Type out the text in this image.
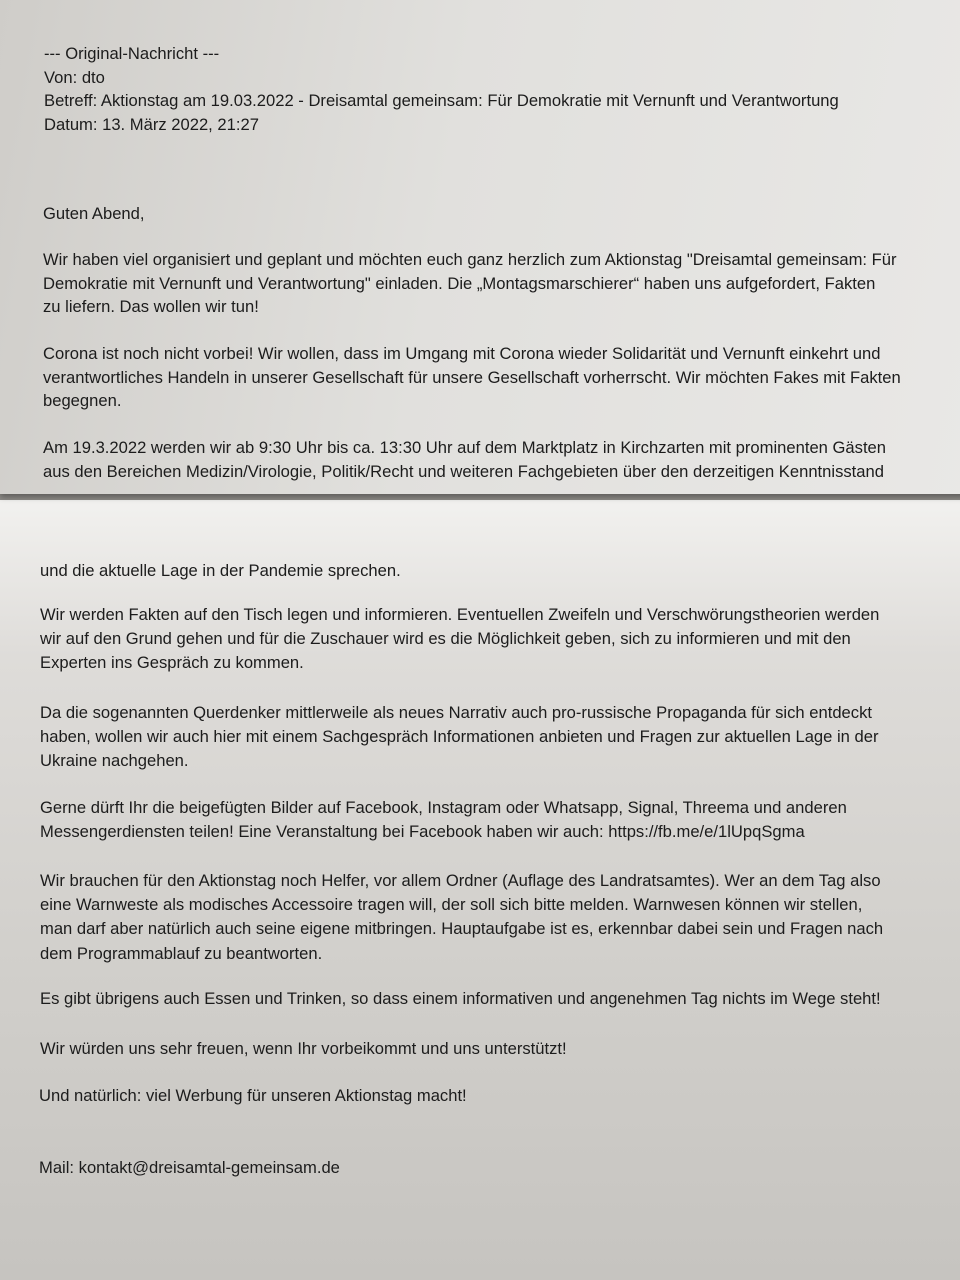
--- Original-Nachricht ---
Von: dto
Betreff: Aktionstag am 19.03.2022 - Dreisamtal gemeinsam: Für Demokratie mit Vernunft und Verantwortung
Datum: 13. März 2022, 21:27
Guten Abend,
Wir haben viel organisiert und geplant und möchten euch ganz herzlich zum Aktionstag "Dreisamtal gemeinsam: Für
Demokratie mit Vernunft und Verantwortung" einladen. Die „Montagsmarschierer“ haben uns aufgefordert, Fakten
zu liefern. Das wollen wir tun!
Corona ist noch nicht vorbei! Wir wollen, dass im Umgang mit Corona wieder Solidarität und Vernunft einkehrt und
verantwortliches Handeln in unserer Gesellschaft für unsere Gesellschaft vorherrscht. Wir möchten Fakes mit Fakten
begegnen.
Am 19.3.2022 werden wir ab 9:30 Uhr bis ca. 13:30 Uhr auf dem Marktplatz in Kirchzarten mit prominenten Gästen
aus den Bereichen Medizin/Virologie, Politik/Recht und weiteren Fachgebieten über den derzeitigen Kenntnisstand
und die aktuelle Lage in der Pandemie sprechen.
Wir werden Fakten auf den Tisch legen und informieren. Eventuellen Zweifeln und Verschwörungstheorien werden
wir auf den Grund gehen und für die Zuschauer wird es die Möglichkeit geben, sich zu informieren und mit den
Experten ins Gespräch zu kommen.
Da die sogenannten Querdenker mittlerweile als neues Narrativ auch pro-russische Propaganda für sich entdeckt
haben, wollen wir auch hier mit einem Sachgespräch Informationen anbieten und Fragen zur aktuellen Lage in der
Ukraine nachgehen.
Gerne dürft Ihr die beigefügten Bilder auf Facebook, Instagram oder Whatsapp, Signal, Threema und anderen
Messengerdiensten teilen! Eine Veranstaltung bei Facebook haben wir auch: https://fb.me/e/1lUpqSgma
Wir brauchen für den Aktionstag noch Helfer, vor allem Ordner (Auflage des Landratsamtes). Wer an dem Tag also
eine Warnweste als modisches Accessoire tragen will, der soll sich bitte melden. Warnwesen können wir stellen,
man darf aber natürlich auch seine eigene mitbringen. Hauptaufgabe ist es, erkennbar dabei sein und Fragen nach
dem Programmablauf zu beantworten.
Es gibt übrigens auch Essen und Trinken, so dass einem informativen und angenehmen Tag nichts im Wege steht!
Wir würden uns sehr freuen, wenn Ihr vorbeikommt und uns unterstützt!
Und natürlich: viel Werbung für unseren Aktionstag macht!
Mail: kontakt@dreisamtal-gemeinsam.de
